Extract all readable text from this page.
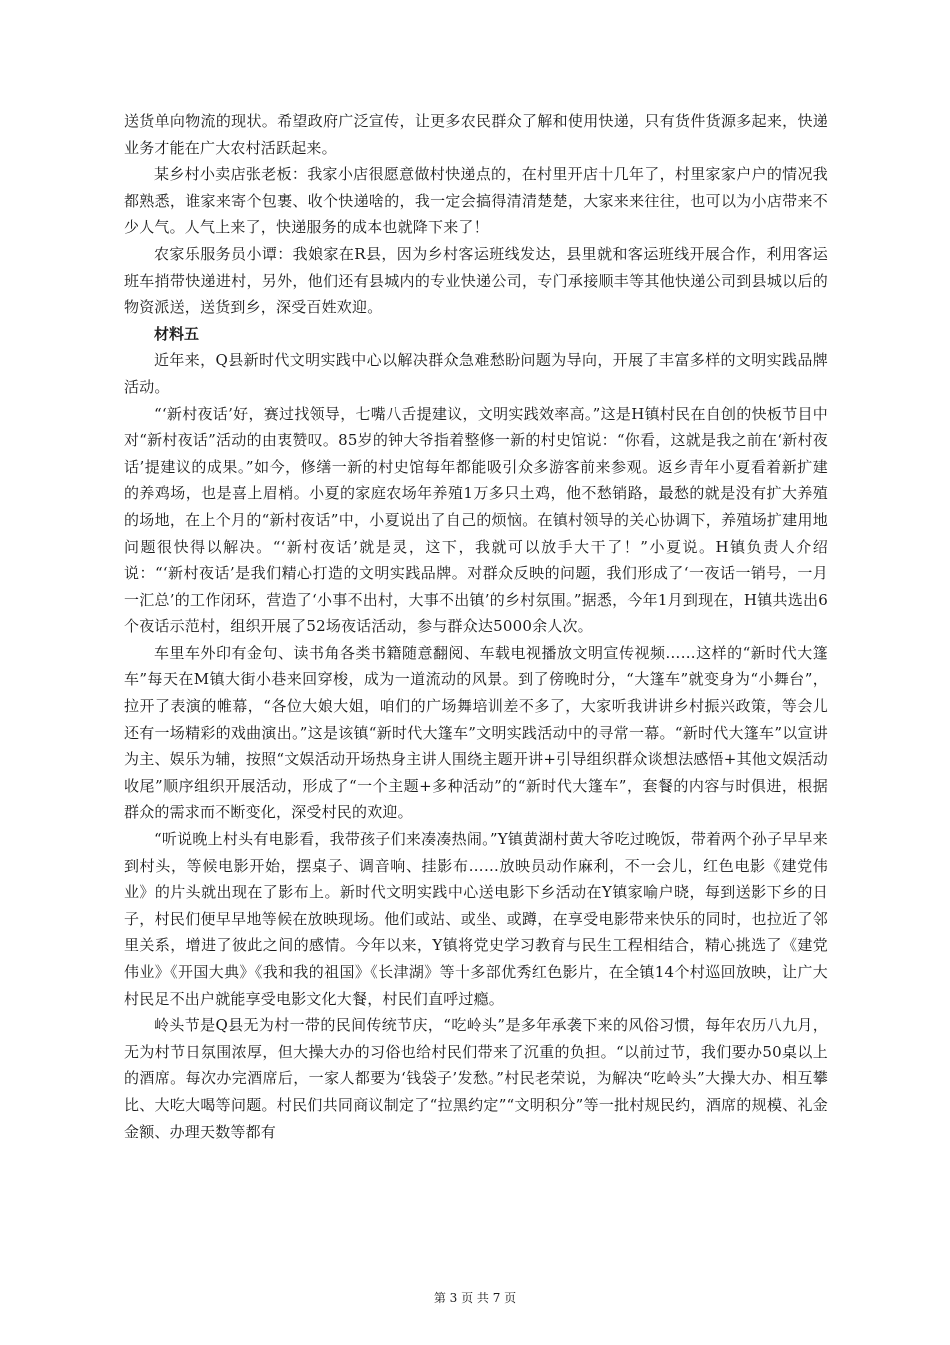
送货单向物流的现状。希望政府广泛宣传，让更多农民群众了解和使用快递，只有货件货源多起来，快递业务才能在广大农村活跃起来。

某乡村小卖店张老板：我家小店很愿意做村快递点的，在村里开店十几年了，村里家家户户的情况我都熟悉，谁家来寄个包裹、收个快递啥的，我一定会搞得清清楚楚，大家来来往往，也可以为小店带来不少人气。人气上来了，快递服务的成本也就降下来了！

农家乐服务员小谭：我娘家在R县，因为乡村客运班线发达，县里就和客运班线开展合作，利用客运班车捎带快递进村，另外，他们还有县城内的专业快递公司，专门承接顺丰等其他快递公司到县城以后的物资派送，送货到乡，深受百姓欢迎。

材料五

近年来，Q县新时代文明实践中心以解决群众急难愁盼问题为导向，开展了丰富多样的文明实践品牌活动。

“‘新村夜话’好，赛过找领导，七嘴八舌提建议，文明实践效率高。”这是H镇村民在自创的快板节目中对“新村夜话”活动的由衷赞叹。85岁的钟大爷指着整修一新的村史馆说：“你看，这就是我之前在‘新村夜话’提建议的成果。”如今，修缮一新的村史馆每年都能吸引众多游客前来参观。返乡青年小夏看着新扩建的养鸡场，也是喜上眉梢。小夏的家庭农场年养殖1万多只土鸡，他不愁销路，最愁的就是没有扩大养殖的场地，在上个月的“新村夜话”中，小夏说出了自己的烦恼。在镇村领导的关心协调下，养殖场扩建用地问题很快得以解决。“‘新村夜话’就是灵，这下，我就可以放手大干了！”小夏说。H镇负责人介绍说：“‘新村夜话’是我们精心打造的文明实践品牌。对群众反映的问题，我们形成了‘一夜话一销号，一月一汇总’的工作闭环，营造了‘小事不出村，大事不出镇’的乡村氛围。”据悉，今年1月到现在，H镇共选出6个夜话示范村，组织开展了52场夜话活动，参与群众达5000余人次。

车里车外印有金句、读书角各类书籍随意翻阅、车载电视播放文明宣传视频……这样的“新时代大篷车”每天在M镇大街小巷来回穿梭，成为一道流动的风景。到了傍晚时分，“大篷车”就变身为“小舞台”，拉开了表演的帷幕，“各位大娘大姐，咱们的广场舞培训差不多了，大家听我讲讲乡村振兴政策，等会儿还有一场精彩的戏曲演出。”这是该镇“新时代大篷车”文明实践活动中的寻常一幕。“新时代大篷车”以宣讲为主、娱乐为辅，按照“文娱活动开场热身主讲人围绕主题开讲+引导组织群众谈想法感悟+其他文娱活动收尾”顺序组织开展活动，形成了“一个主题+多种活动”的“新时代大篷车”，套餐的内容与时俱进，根据群众的需求而不断变化，深受村民的欢迎。

“听说晚上村头有电影看，我带孩子们来凑凑热闹。”Y镇黄湖村黄大爷吃过晚饭，带着两个孙子早早来到村头，等候电影开始，摆桌子、调音响、挂影布……放映员动作麻利，不一会儿，红色电影《建党伟业》的片头就出现在了影布上。新时代文明实践中心送电影下乡活动在Y镇家喻户晓，每到送影下乡的日子，村民们便早早地等候在放映现场。他们或站、或坐、或蹲，在享受电影带来快乐的同时，也拉近了邻里关系，增进了彼此之间的感情。今年以来，Y镇将党史学习教育与民生工程相结合，精心挑选了《建党伟业》《开国大典》《我和我的祖国》《长津湖》等十多部优秀红色影片，在全镇14个村巡回放映，让广大村民足不出户就能享受电影文化大餐，村民们直呼过瘾。

岭头节是Q县无为村一带的民间传统节庆，“吃岭头”是多年承袭下来的风俗习惯，每年农历八九月，无为村节日氛围浓厚，但大操大办的习俗也给村民们带来了沉重的负担。“以前过节，我们要办50桌以上的酒席。每次办完酒席后，一家人都要为‘钱袋子’发愁。”村民老荣说，为解决“吃岭头”大操大办、相互攀比、大吃大喝等问题。村民们共同商议制定了“拉黑约定”“文明积分”等一批村规民约，酒席的规模、礼金金额、办理天数等都有

第 3 页 共 7 页
